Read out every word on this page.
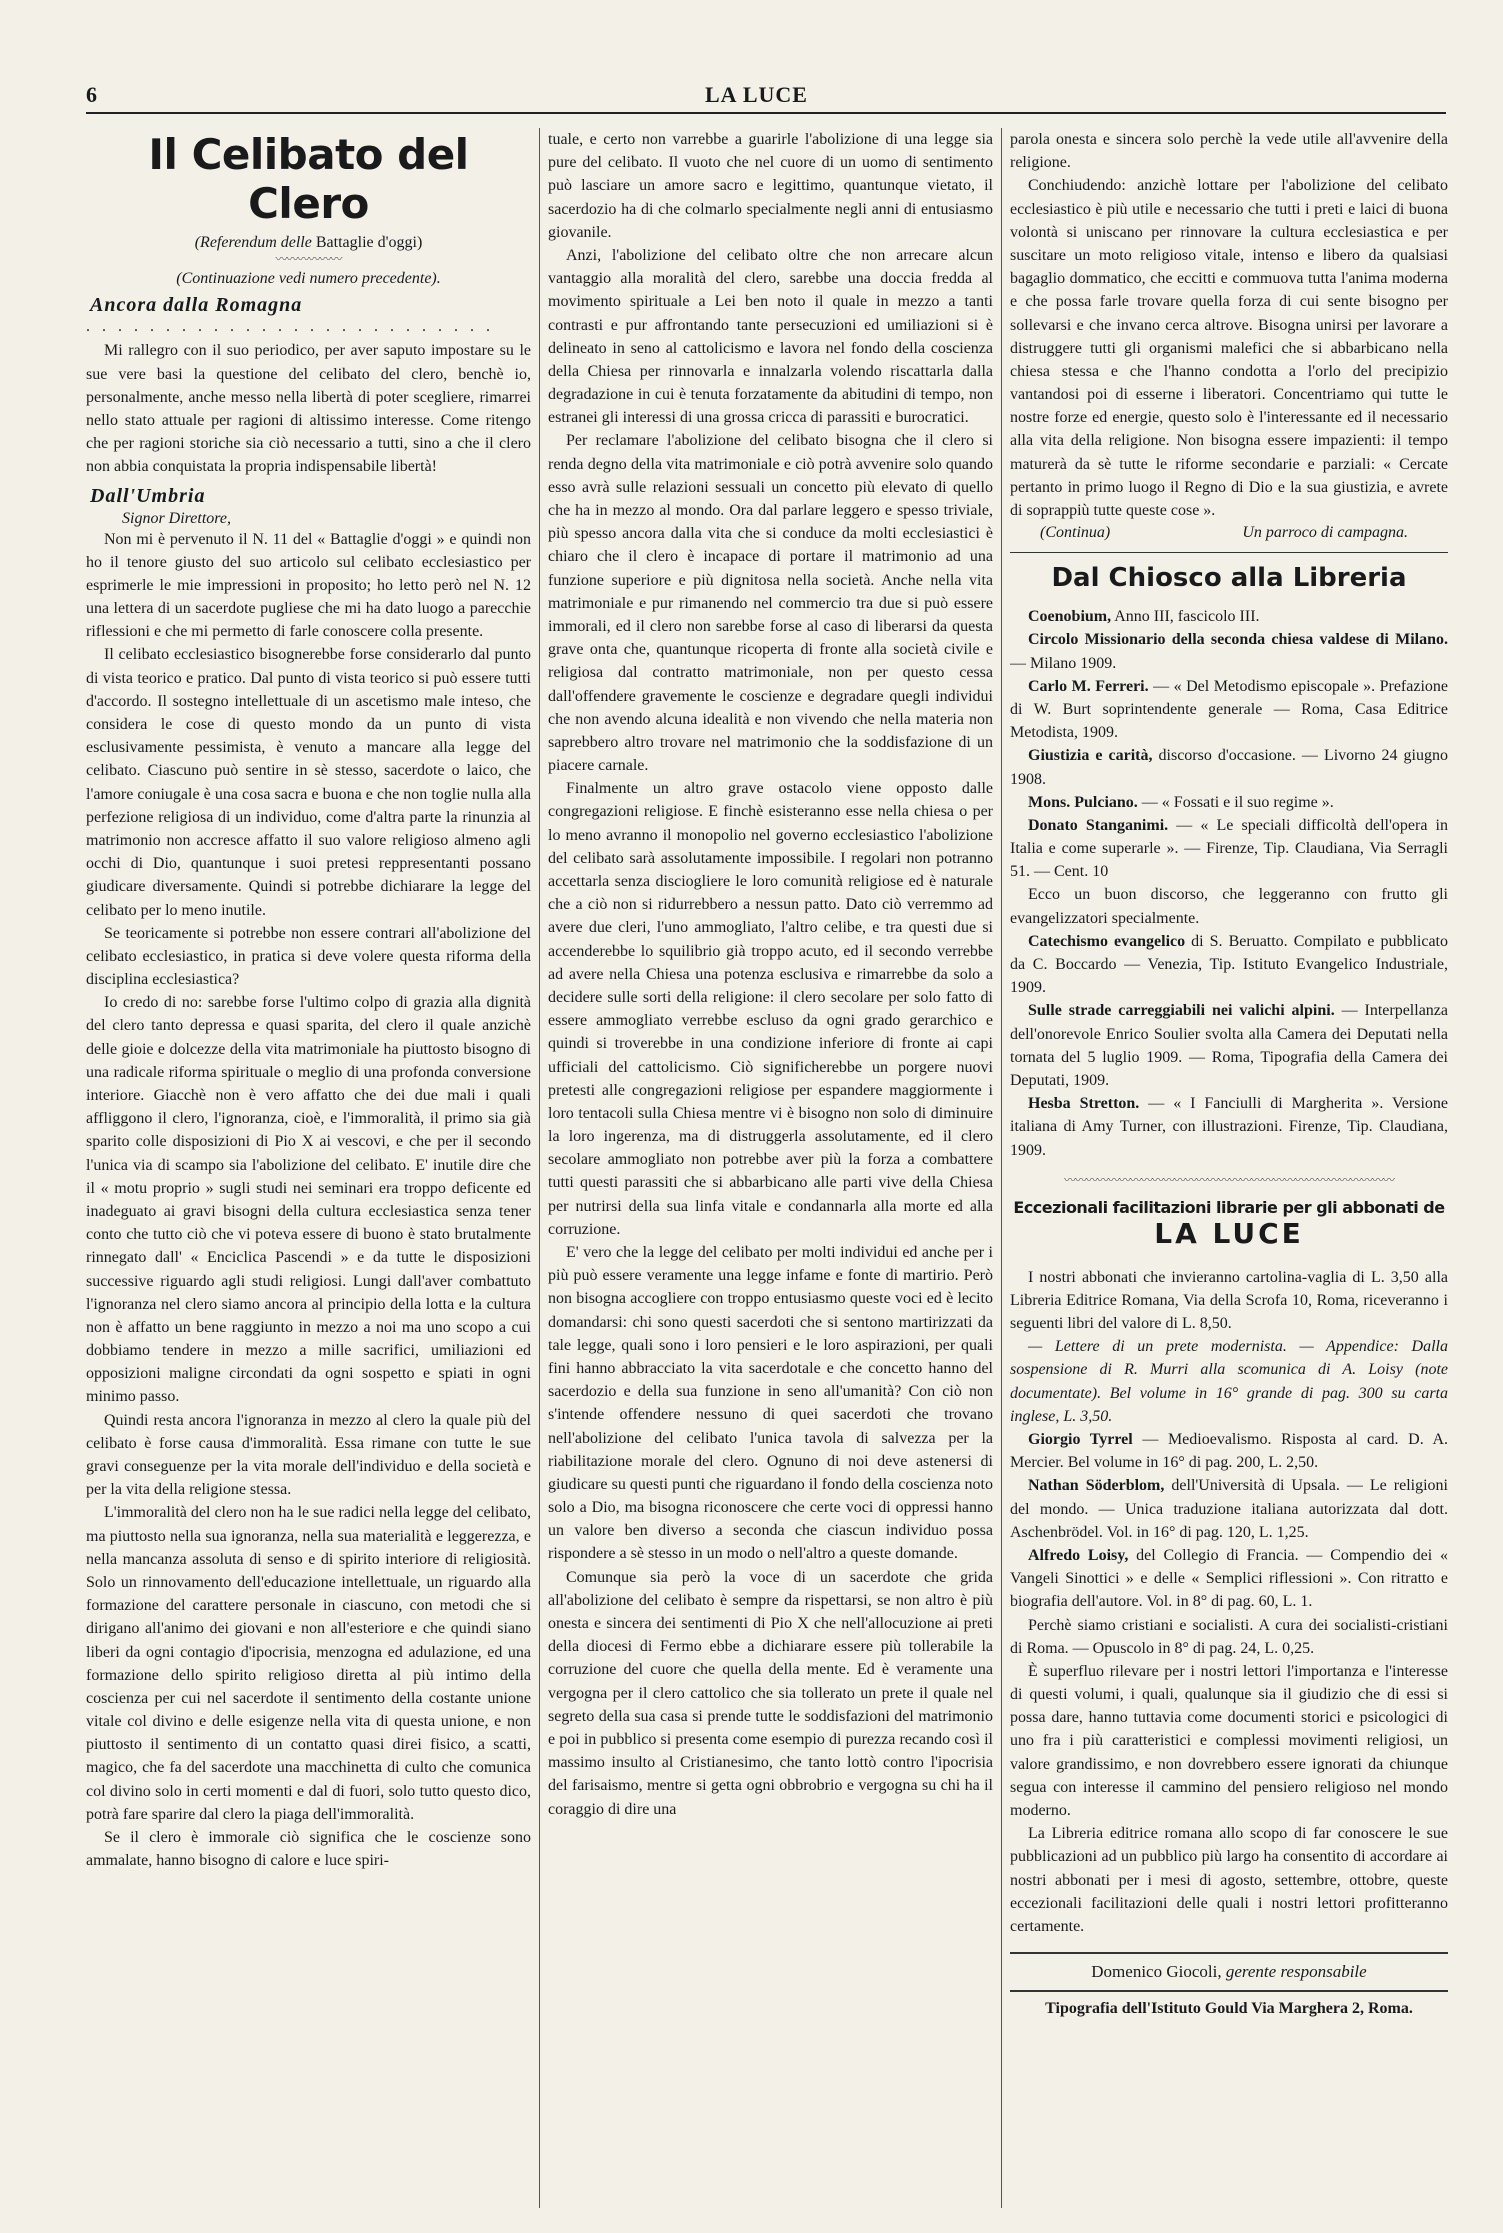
6	LA LUCE
Il Celibato del Clero
(Referendum delle Battaglie d'oggi)
〰〰〰〰〰〰
(Continuazione vedi numero precedente).
Ancora dalla Romagna
. . . . . . . . . . . . . . . . . . . . . . . . . .

Mi rallegro con il suo periodico, per aver saputo impostare su le sue vere basi la questione del celibato del clero, benchè io, personalmente, anche messo nella libertà di poter scegliere, rimarrei nello stato attuale per ragioni di altissimo interesse. Come ritengo che per ragioni storiche sia ciò necessario a tutti, sino a che il clero non abbia conquistata la propria indispensabile libertà!

Dall'Umbria
Signor Direttore,

Non mi è pervenuto il N. 11 del « Battaglie d'oggi » e quindi non ho il tenore giusto del suo articolo sul celibato ecclesiastico per esprimerle le mie impressioni in proposito; ho letto però nel N. 12 una lettera di un sacerdote pugliese che mi ha dato luogo a parecchie riflessioni e che mi permetto di farle conoscere colla presente.

Il celibato ecclesiastico bisognerebbe forse considerarlo dal punto di vista teorico e pratico. Dal punto di vista teorico si può essere tutti d'accordo. Il sostegno intellettuale di un ascetismo male inteso, che considera le cose di questo mondo da un punto di vista esclusivamente pessimista, è venuto a mancare alla legge del celibato. Ciascuno può sentire in sè stesso, sacerdote o laico, che l'amore coniugale è una cosa sacra e buona e che non toglie nulla alla perfezione religiosa di un individuo, come d'altra parte la rinunzia al matrimonio non accresce affatto il suo valore religioso almeno agli occhi di Dio, quantunque i suoi pretesi reppresentanti possano giudicare diversamente. Quindi si potrebbe dichiarare la legge del celibato per lo meno inutile.

Se teoricamente si potrebbe non essere contrari all'abolizione del celibato ecclesiastico, in pratica si deve volere questa riforma della disciplina ecclesiastica?

Io credo di no: sarebbe forse l'ultimo colpo di grazia alla dignità del clero tanto depressa e quasi sparita, del clero il quale anzichè delle gioie e dolcezze della vita matrimoniale ha piuttosto bisogno di una radicale riforma spirituale o meglio di una profonda conversione interiore. Giacchè non è vero affatto che dei due mali i quali affliggono il clero, l'ignoranza, cioè, e l'immoralità, il primo sia già sparito colle disposizioni di Pio X ai vescovi, e che per il secondo l'unica via di scampo sia l'abolizione del celibato. E' inutile dire che il « motu proprio » sugli studi nei seminari era troppo deficente ed inadeguato ai gravi bisogni della cultura ecclesiastica senza tener conto che tutto ciò che vi poteva essere di buono è stato brutalmente rinnegato dall' « Enciclica Pascendi » e da tutte le disposizioni successive riguardo agli studi religiosi. Lungi dall'aver combattuto l'ignoranza nel clero siamo ancora al principio della lotta e la cultura non è affatto un bene raggiunto in mezzo a noi ma uno scopo a cui dobbiamo tendere in mezzo a mille sacrifici, umiliazioni ed opposizioni maligne circondati da ogni sospetto e spiati in ogni minimo passo.

Quindi resta ancora l'ignoranza in mezzo al clero la quale più del celibato è forse causa d'immoralità. Essa rimane con tutte le sue gravi conseguenze per la vita morale dell'individuo e della società e per la vita della religione stessa.

L'immoralità del clero non ha le sue radici nella legge del celibato, ma piuttosto nella sua ignoranza, nella sua materialità e leggerezza, e nella mancanza assoluta di senso e di spirito interiore di religiosità. Solo un rinnovamento dell'educazione intellettuale, un riguardo alla formazione del carattere personale in ciascuno, con metodi che si dirigano all'animo dei giovani e non all'esteriore e che quindi siano liberi da ogni contagio d'ipocrisia, menzogna ed adulazione, ed una formazione dello spirito religioso diretta al più intimo della coscienza per cui nel sacerdote il sentimento della costante unione vitale col divino e delle esigenze nella vita di questa unione, e non piuttosto il sentimento di un contatto quasi direi fisico, a scatti, magico, che fa del sacerdote una macchinetta di culto che comunica col divino solo in certi momenti e dal di fuori, solo tutto questo dico, potrà fare sparire dal clero la piaga dell'immoralità.

Se il clero è immorale ciò significa che le coscienze sono ammalate, hanno bisogno di calore e luce spiri-

tuale, e certo non varrebbe a guarirle l'abolizione di una legge sia pure del celibato. Il vuoto che nel cuore di un uomo di sentimento può lasciare un amore sacro e legittimo, quantunque vietato, il sacerdozio ha di che colmarlo specialmente negli anni di entusiasmo giovanile.

Anzi, l'abolizione del celibato oltre che non arrecare alcun vantaggio alla moralità del clero, sarebbe una doccia fredda al movimento spirituale a Lei ben noto il quale in mezzo a tanti contrasti e pur affrontando tante persecuzioni ed umiliazioni si è delineato in seno al cattolicismo e lavora nel fondo della coscienza della Chiesa per rinnovarla e innalzarla volendo riscattarla dalla degradazione in cui è tenuta forzatamente da abitudini di tempo, non estranei gli interessi di una grossa cricca di parassiti e burocratici.

Per reclamare l'abolizione del celibato bisogna che il clero si renda degno della vita matrimoniale e ciò potrà avvenire solo quando esso avrà sulle relazioni sessuali un concetto più elevato di quello che ha in mezzo al mondo. Ora dal parlare leggero e spesso triviale, più spesso ancora dalla vita che si conduce da molti ecclesiastici è chiaro che il clero è incapace di portare il matrimonio ad una funzione superiore e più dignitosa nella società. Anche nella vita matrimoniale e pur rimanendo nel commercio tra due si può essere immorali, ed il clero non sarebbe forse al caso di liberarsi da questa grave onta che, quantunque ricoperta di fronte alla società civile e religiosa dal contratto matrimoniale, non per questo cessa dall'offendere gravemente le coscienze e degradare quegli individui che non avendo alcuna idealità e non vivendo che nella materia non saprebbero altro trovare nel matrimonio che la soddisfazione di un piacere carnale.

Finalmente un altro grave ostacolo viene opposto dalle congregazioni religiose. E finchè esisteranno esse nella chiesa o per lo meno avranno il monopolio nel governo ecclesiastico l'abolizione del celibato sarà assolutamente impossibile. I regolari non potranno accettarla senza disciogliere le loro comunità religiose ed è naturale che a ciò non si ridurrebbero a nessun patto. Dato ciò verremmo ad avere due cleri, l'uno ammogliato, l'altro celibe, e tra questi due si accenderebbe lo squilibrio già troppo acuto, ed il secondo verrebbe ad avere nella Chiesa una potenza esclusiva e rimarrebbe da solo a decidere sulle sorti della religione: il clero secolare per solo fatto di essere ammogliato verrebbe escluso da ogni grado gerarchico e quindi si troverebbe in una condizione inferiore di fronte ai capi ufficiali del cattolicismo. Ciò significherebbe un porgere nuovi pretesti alle congregazioni religiose per espandere maggiormente i loro tentacoli sulla Chiesa mentre vi è bisogno non solo di diminuire la loro ingerenza, ma di distruggerla assolutamente, ed il clero secolare ammogliato non potrebbe aver più la forza a combattere tutti questi parassiti che si abbarbicano alle parti vive della Chiesa per nutrirsi della sua linfa vitale e condannarla alla morte ed alla corruzione.

E' vero che la legge del celibato per molti individui ed anche per i più può essere veramente una legge infame e fonte di martirio. Però non bisogna accogliere con troppo entusiasmo queste voci ed è lecito domandarsi: chi sono questi sacerdoti che si sentono martirizzati da tale legge, quali sono i loro pensieri e le loro aspirazioni, per quali fini hanno abbracciato la vita sacerdotale e che concetto hanno del sacerdozio e della sua funzione in seno all'umanità? Con ciò non s'intende offendere nessuno di quei sacerdoti che trovano nell'abolizione del celibato l'unica tavola di salvezza per la riabilitazione morale del clero. Ognuno di noi deve astenersi di giudicare su questi punti che riguardano il fondo della coscienza noto solo a Dio, ma bisogna riconoscere che certe voci di oppressi hanno un valore ben diverso a seconda che ciascun individuo possa rispondere a sè stesso in un modo o nell'altro a queste domande.

Comunque sia però la voce di un sacerdote che grida all'abolizione del celibato è sempre da rispettarsi, se non altro è più onesta e sincera dei sentimenti di Pio X che nell'allocuzione ai preti della diocesi di Fermo ebbe a dichiarare essere più tollerabile la corruzione del cuore che quella della mente. Ed è veramente una vergogna per il clero cattolico che sia tollerato un prete il quale nel segreto della sua casa si prende tutte le soddisfazioni del matrimonio e poi in pubblico si presenta come esempio di purezza recando così il massimo insulto al Cristianesimo, che tanto lottò contro l'ipocrisia del farisaismo, mentre si getta ogni obbrobrio e vergogna su chi ha il coraggio di dire una

parola onesta e sincera solo perchè la vede utile all'avvenire della religione.

Conchiudendo: anzichè lottare per l'abolizione del celibato ecclesiastico è più utile e necessario che tutti i preti e laici di buona volontà si uniscano per rinnovare la cultura ecclesiastica e per suscitare un moto religioso vitale, intenso e libero da qualsiasi bagaglio dommatico, che eccitti e commuova tutta l'anima moderna e che possa farle trovare quella forza di cui sente bisogno per sollevarsi e che invano cerca altrove. Bisogna unirsi per lavorare a distruggere tutti gli organismi malefici che si abbarbicano nella chiesa stessa e che l'hanno condotta a l'orlo del precipizio vantandosi poi di esserne i liberatori. Concentriamo qui tutte le nostre forze ed energie, questo solo è l'interessante ed il necessario alla vita della religione. Non bisogna essere impazienti: il tempo maturerà da sè tutte le riforme secondarie e parziali: « Cercate pertanto in primo luogo il Regno di Dio e la sua giustizia, e avrete di soprappiù tutte queste cose ».

(Continua)	Un parroco di campagna.
Dal Chiosco alla Libreria
Coenobium, Anno III, fascicolo III.
Circolo Missionario della seconda chiesa valdese di Milano. — Milano 1909.
Carlo M. Ferreri. — « Del Metodismo episcopale ». Prefazione di W. Burt soprintendente generale — Roma, Casa Editrice Metodista, 1909.
Giustizia e carità, discorso d'occasione. — Livorno 24 giugno 1908.
Mons. Pulciano. — « Fossati e il suo regime ».
Donato Stanganimi. — « Le speciali difficoltà dell'opera in Italia e come superarle ». — Firenze, Tip. Claudiana, Via Serragli 51. — Cent. 10
Ecco un buon discorso, che leggeranno con frutto gli evangelizzatori specialmente.
Catechismo evangelico di S. Beruatto. Compilato e pubblicato da C. Boccardo — Venezia, Tip. Istituto Evangelico Industriale, 1909.
Sulle strade carreggiabili nei valichi alpini. — Interpellanza dell'onorevole Enrico Soulier svolta alla Camera dei Deputati nella tornata del 5 luglio 1909. — Roma, Tipografia della Camera dei Deputati, 1909.
Hesba Stretton. — « I Fanciulli di Margherita ». Versione italiana di Amy Turner, con illustrazioni. Firenze, Tip. Claudiana, 1909.
〰〰〰〰〰〰〰〰〰〰〰〰〰〰〰〰〰〰〰〰〰〰〰〰〰〰〰〰〰〰
Eccezionali facilitazioni librarie per gli abbonati de
LA LUCE
I nostri abbonati che invieranno cartolina-vaglia di L. 3,50 alla Libreria Editrice Romana, Via della Scrofa 10, Roma, riceveranno i seguenti libri del valore di L. 8,50.
— Lettere di un prete modernista. — Appendice: Dalla sospensione di R. Murri alla scomunica di A. Loisy (note documentate). Bel volume in 16° grande di pag. 300 su carta inglese, L. 3,50.
Giorgio Tyrrel — Medioevalismo. Risposta al card. D. A. Mercier. Bel volume in 16° di pag. 200, L. 2,50.
Nathan Söderblom, dell'Università di Upsala. — Le religioni del mondo. — Unica traduzione italiana autorizzata dal dott. Aschenbrödel. Vol. in 16° di pag. 120, L. 1,25.
Alfredo Loisy, del Collegio di Francia. — Compendio dei « Vangeli Sinottici » e delle « Semplici riflessioni ». Con ritratto e biografia dell'autore. Vol. in 8° di pag. 60, L. 1.
Perchè siamo cristiani e socialisti. A cura dei socialisti-cristiani di Roma. — Opuscolo in 8° di pag. 24, L. 0,25.
È superfluo rilevare per i nostri lettori l'importanza e l'interesse di questi volumi, i quali, qualunque sia il giudizio che di essi si possa dare, hanno tuttavia come documenti storici e psicologici di uno fra i più caratteristici e complessi movimenti religiosi, un valore grandissimo, e non dovrebbero essere ignorati da chiunque segua con interesse il cammino del pensiero religioso nel mondo moderno.
La Libreria editrice romana allo scopo di far conoscere le sue pubblicazioni ad un pubblico più largo ha consentito di accordare ai nostri abbonati per i mesi di agosto, settembre, ottobre, queste eccezionali facilitazioni delle quali i nostri lettori profitteranno certamente.
Domenico Giocoli, gerente responsabile
Tipografia dell'Istituto Gould Via Marghera 2, Roma.
